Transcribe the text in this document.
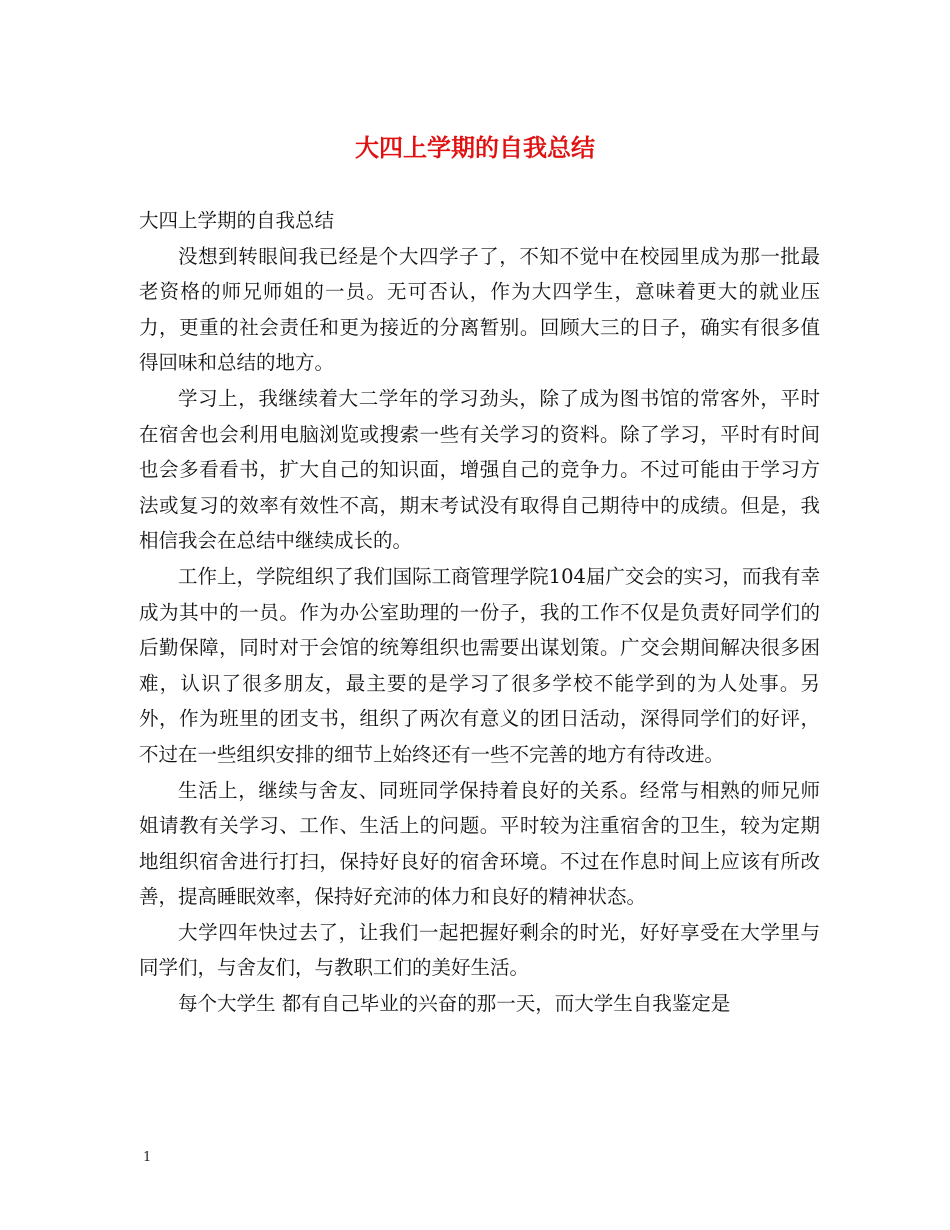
大四上学期的自我总结

大四上学期的自我总结

没想到转眼间我已经是个大四学子了，不知不觉中在校园里成为那一批最老资格的师兄师姐的一员。无可否认，作为大四学生，意味着更大的就业压力，更重的社会责任和更为接近的分离暂别。回顾大三的日子，确实有很多值得回味和总结的地方。

学习上，我继续着大二学年的学习劲头，除了成为图书馆的常客外，平时在宿舍也会利用电脑浏览或搜索一些有关学习的资料。除了学习，平时有时间也会多看看书，扩大自己的知识面，增强自己的竞争力。不过可能由于学习方法或复习的效率有效性不高，期末考试没有取得自己期待中的成绩。但是，我相信我会在总结中继续成长的。

工作上，学院组织了我们国际工商管理学院104届广交会的实习，而我有幸成为其中的一员。作为办公室助理的一份子，我的工作不仅是负责好同学们的后勤保障，同时对于会馆的统筹组织也需要出谋划策。广交会期间解决很多困难，认识了很多朋友，最主要的是学习了很多学校不能学到的为人处事。另外，作为班里的团支书，组织了两次有意义的团日活动，深得同学们的好评，不过在一些组织安排的细节上始终还有一些不完善的地方有待改进。

生活上，继续与舍友、同班同学保持着良好的关系。经常与相熟的师兄师姐请教有关学习、工作、生活上的问题。平时较为注重宿舍的卫生，较为定期地组织宿舍进行打扫，保持好良好的宿舍环境。不过在作息时间上应该有所改善，提高睡眠效率，保持好充沛的体力和良好的精神状态。

大学四年快过去了，让我们一起把握好剩余的时光，好好享受在大学里与同学们，与舍友们，与教职工们的美好生活。

每个大学生 都有自己毕业的兴奋的那一天，而大学生自我鉴定是

1
